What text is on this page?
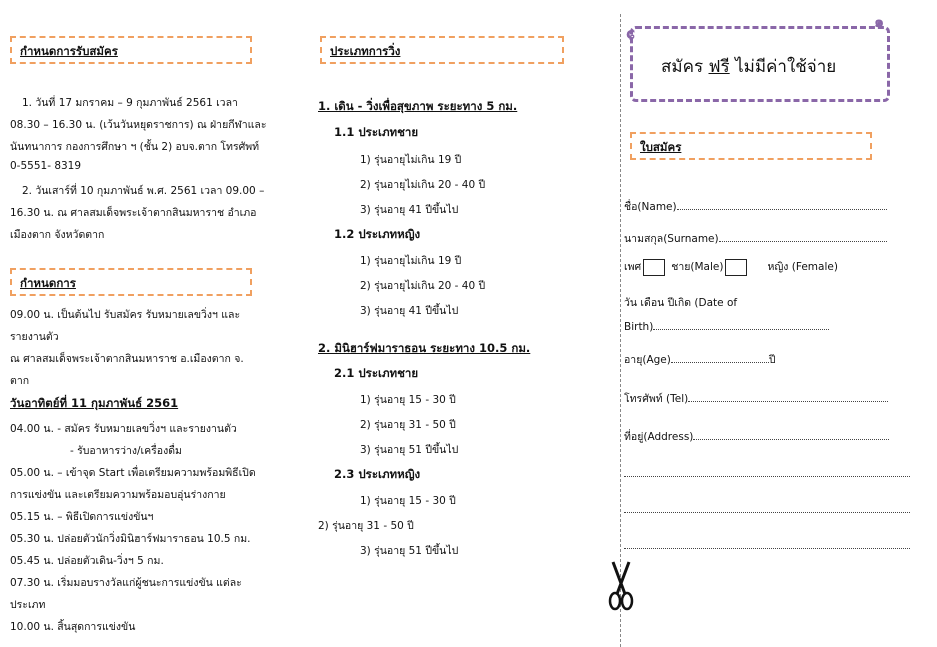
กำหนดการรับสมัคร
1. วันที่ 17 มกราคม – 9 กุมภาพันธ์ 2561 เวลา
08.30 – 16.30 น. (เว้นวันหยุดราชการ) ณ ฝ่ายกีฬาและ
นันทนาการ กองการศึกษา ฯ (ชั้น 2) อบจ.ตาก โทรศัพท์
0-5551- 8319
2. วันเสาร์ที่ 10 กุมภาพันธ์ พ.ศ. 2561 เวลา 09.00 –
16.30 น. ณ ศาลสมเด็จพระเจ้าตากสินมหาราช อำเภอ
เมืองตาก จังหวัดตาก
กำหนดการ
09.00 น. เป็นต้นไป รับสมัคร รับหมายเลขวิ่งฯ และ
รายงานตัว
ณ ศาลสมเด็จพระเจ้าตากสินมหาราช อ.เมืองตาก จ.
ตาก
วันอาทิตย์ที่ 11 กุมภาพันธ์ 2561
04.00 น. - สมัคร รับหมายเลขวิ่งฯ และรายงานตัว
- รับอาหารว่าง/เครื่องดื่ม
05.00 น. – เข้าจุด Start เพื่อเตรียมความพร้อมพิธีเปิด
การแข่งขัน และเตรียมความพร้อมอบอุ่นร่างกาย
05.15 น. – พิธีเปิดการแข่งขันฯ
05.30 น. ปล่อยตัวนักวิ่งมินิฮาร์ฟมาราธอน 10.5 กม.
05.45 น. ปล่อยตัวเดิน-วิ่งฯ 5 กม.
07.30 น. เริ่มมอบรางวัลแก่ผู้ชนะการแข่งขัน แต่ละ
ประเภท
10.00 น. สิ้นสุดการแข่งขัน
ประเภทการวิ่ง
1. เดิน - วิ่งเพื่อสุขภาพ ระยะทาง 5 กม.
1.1 ประเภทชาย
1) รุ่นอายุไม่เกิน 19 ปี
2) รุ่นอายุไม่เกิน 20 - 40 ปี
3) รุ่นอายุ 41 ปีขึ้นไป
1.2 ประเภทหญิง
1) รุ่นอายุไม่เกิน 19 ปี
2) รุ่นอายุไม่เกิน 20 - 40 ปี
3) รุ่นอายุ 41 ปีขึ้นไป
2. มินิฮาร์ฟมาราธอน ระยะทาง 10.5 กม.
2.1 ประเภทชาย
1) รุ่นอายุ 15 - 30 ปี
2) รุ่นอายุ 31 - 50 ปี
3) รุ่นอายุ 51 ปีขึ้นไป
2.3 ประเภทหญิง
1) รุ่นอายุ 15 - 30 ปี
2) รุ่นอายุ 31 - 50 ปี
3) รุ่นอายุ 51 ปีขึ้นไป
สมัคร ฟรี ไม่มีค่าใช้จ่าย
ɕ
๑
ใบสมัคร
ชื่อ(Name)
นามสกุล(Surname)
เพศ	ชาย(Male)	หญิง (Female)
วัน เดือน ปีเกิด (Date of
Birth)
อายุ(Age)	ปี
โทรศัพท์ (Tel)
ที่อยู่(Address)
